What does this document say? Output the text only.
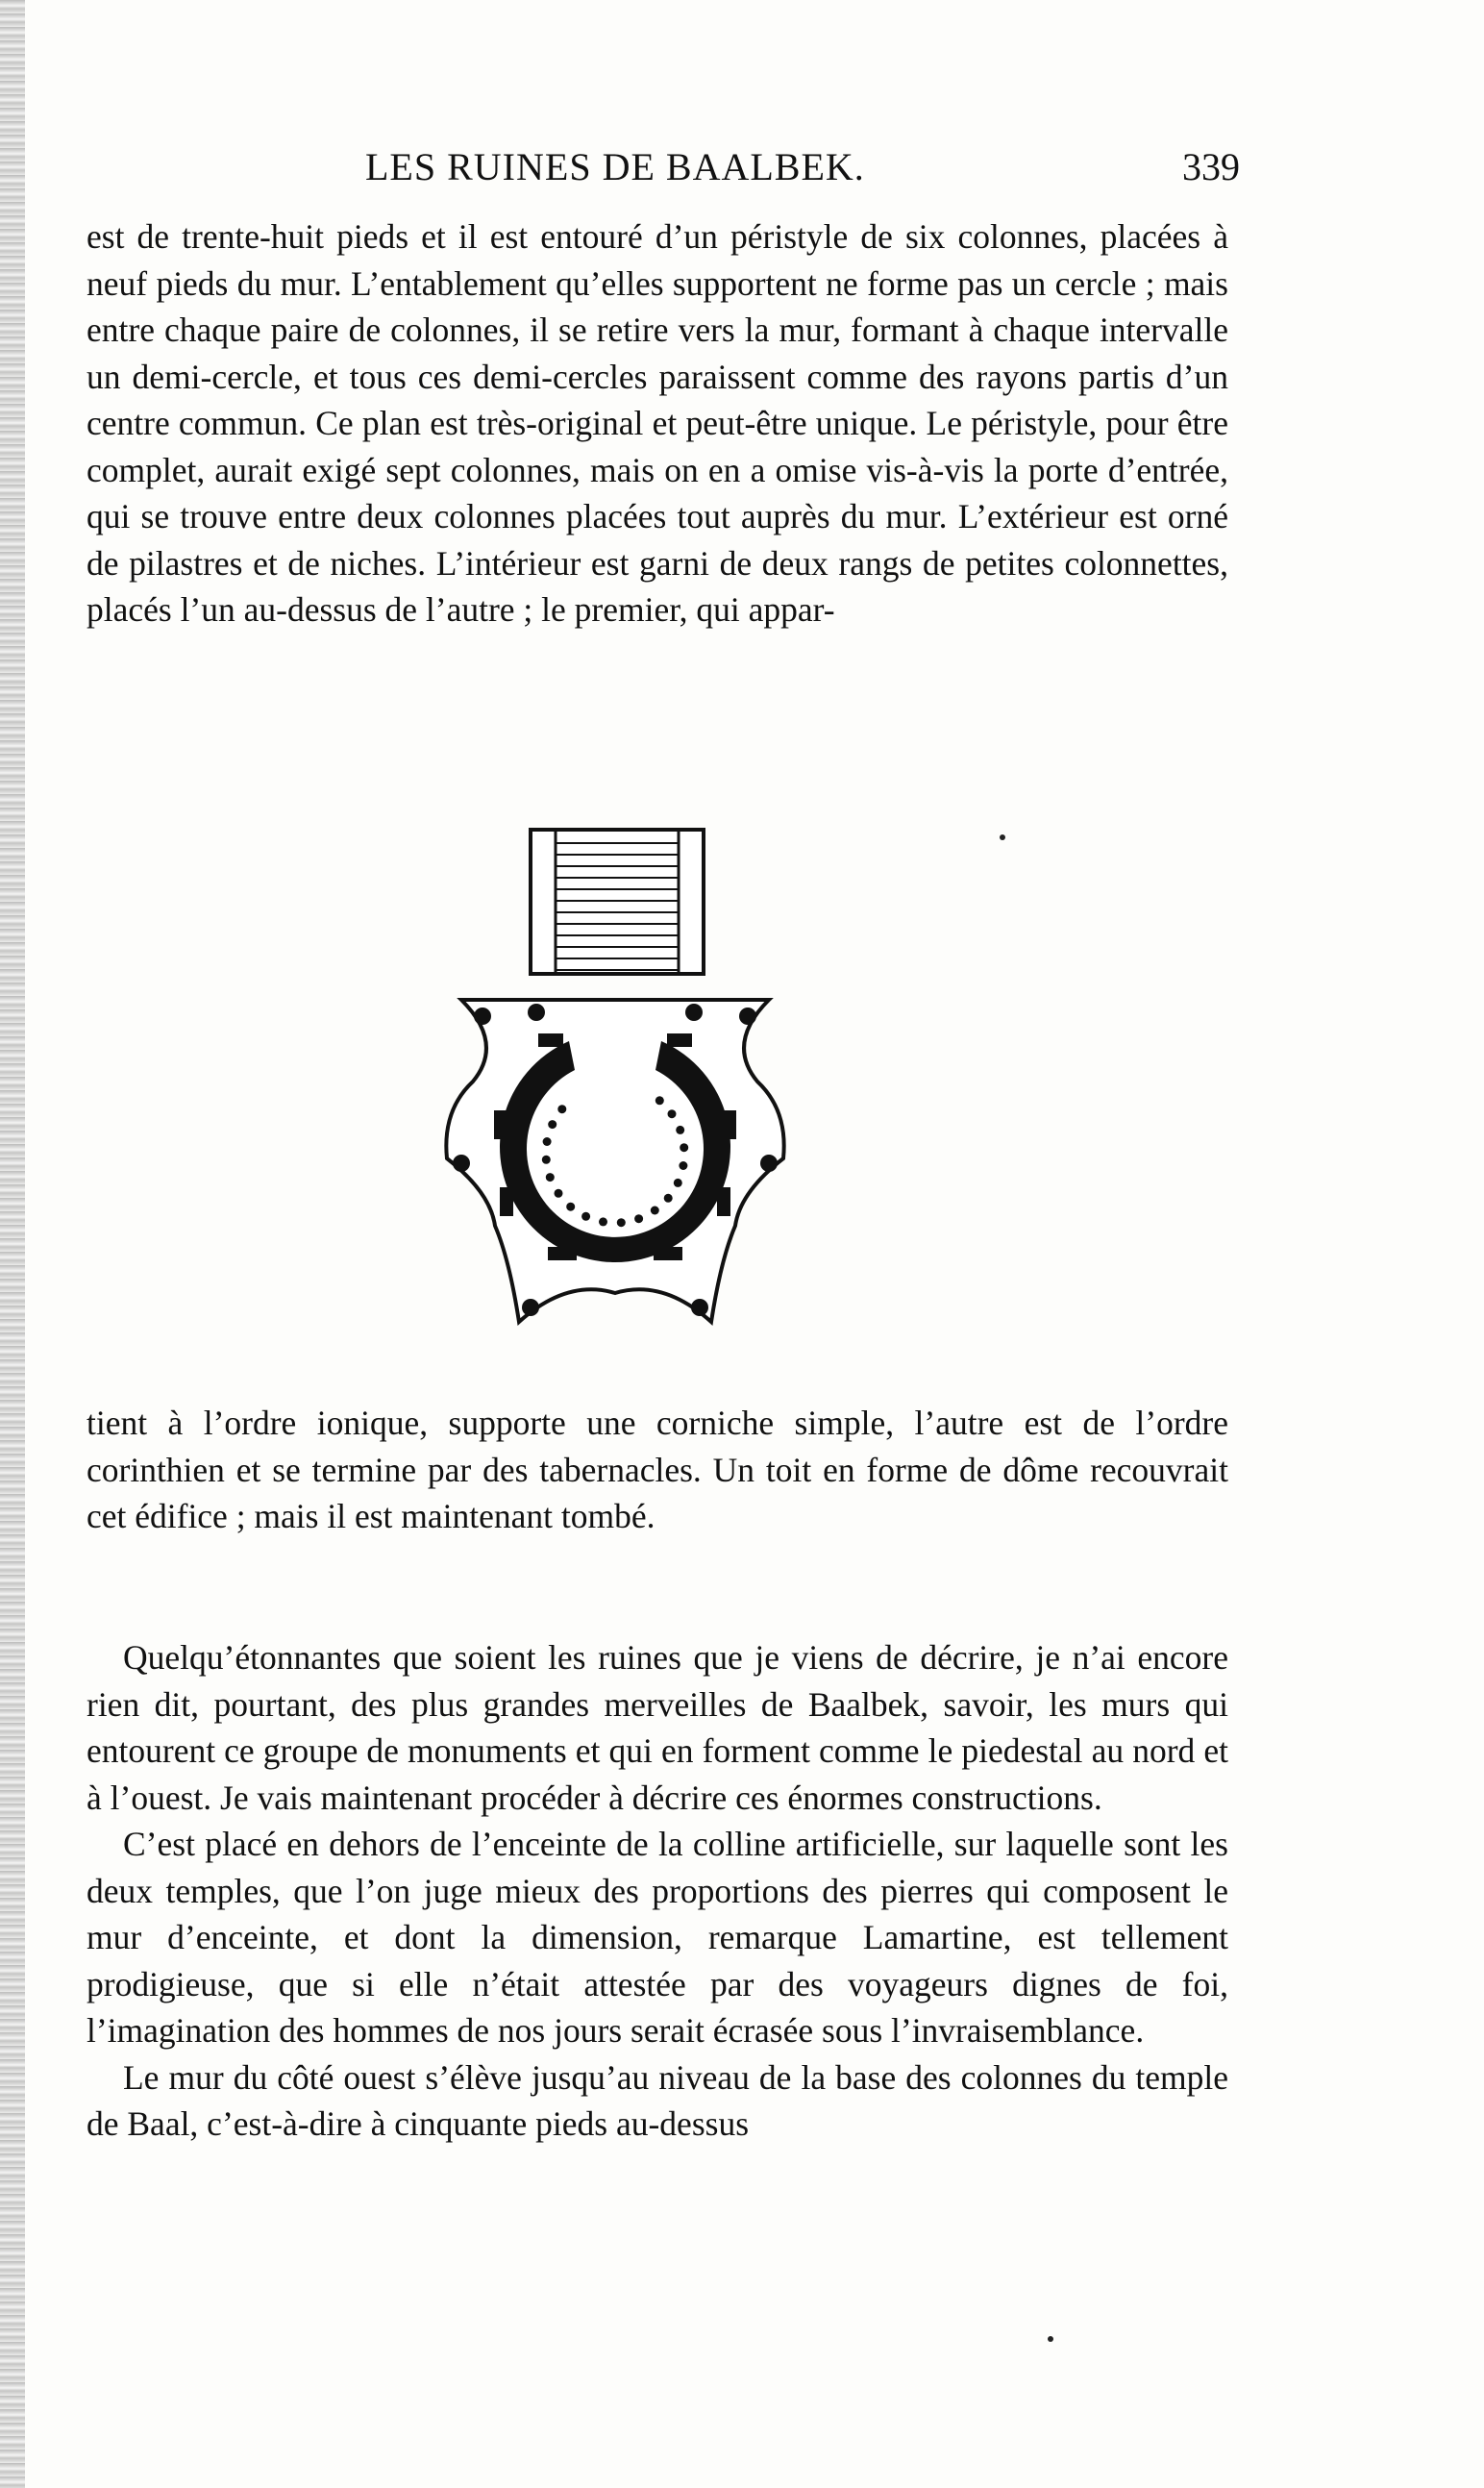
LES RUINES DE BAALBEK.	339

est de trente-huit pieds et il est entouré d’un péristyle de six colonnes, placées à neuf pieds du mur. L’entablement qu’elles supportent ne forme pas un cercle ; mais entre chaque paire de colonnes, il se retire vers la mur, formant à chaque intervalle un demi-cercle, et tous ces demi-cercles paraissent comme des rayons partis d’un centre commun. Ce plan est très-original et peut-être unique. Le péristyle, pour être complet, aurait exigé sept colonnes, mais on en a omise vis-à-vis la porte d’entrée, qui se trouve entre deux colonnes placées tout auprès du mur. L’extérieur est orné de pilastres et de niches. L’intérieur est garni de deux rangs de petites colonnettes, placés l’un au-dessus de l’autre ; le premier, qui appar-

tient à l’ordre ionique, supporte une corniche simple, l’autre est de l’ordre corinthien et se termine par des tabernacles. Un toit en forme de dôme recouvrait cet édifice ; mais il est maintenant tombé.

Quelqu’étonnantes que soient les ruines que je viens de décrire, je n’ai encore rien dit, pourtant, des plus grandes merveilles de Baalbek, savoir, les murs qui entourent ce groupe de monuments et qui en forment comme le piedestal au nord et à l’ouest. Je vais maintenant procéder à décrire ces énormes constructions.

C’est placé en dehors de l’enceinte de la colline artificielle, sur laquelle sont les deux temples, que l’on juge mieux des proportions des pierres qui composent le mur d’enceinte, et dont la dimension, remarque Lamartine, est tellement prodigieuse, que si elle n’était attestée par des voyageurs dignes de foi, l’imagination des hommes de nos jours serait écrasée sous l’invraisemblance.

Le mur du côté ouest s’élève jusqu’au niveau de la base des colonnes du temple de Baal, c’est-à-dire à cinquante pieds au-dessus
